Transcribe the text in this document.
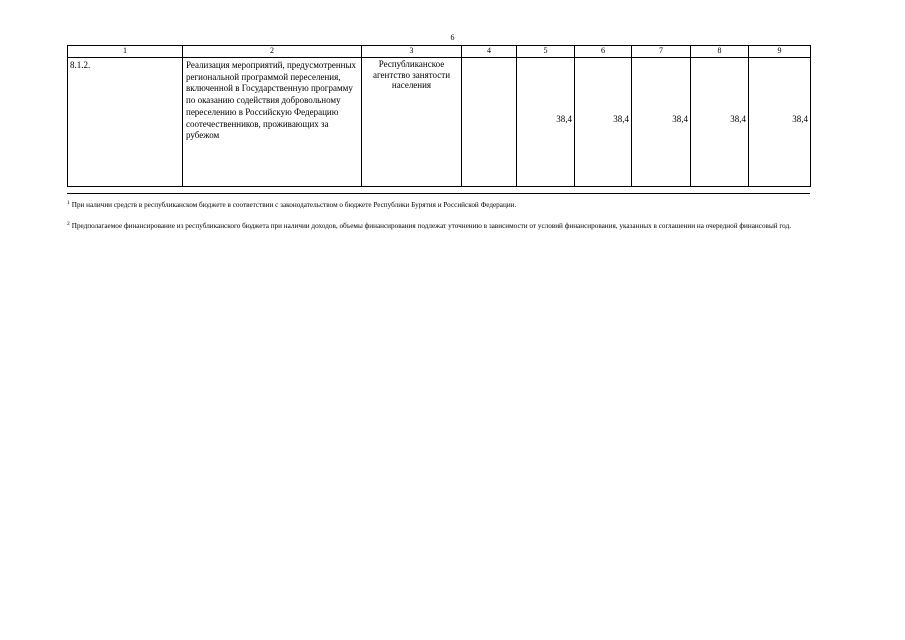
6
1	2	3	4	5	6	7	8	9
8.1.2.	Реализация мероприятий, предусмотренных региональной программой переселения, включенной в Государственную программу по оказанию содействия добровольному переселению в Российскую Федерацию соотечественников, проживающих за рубежом	Республиканское агентство занятости населения		38,4	38,4	38,4	38,4	38,4
$^1$ При наличии средств в республиканском бюджете в соответствии с законодательством о бюджете Республики Бурятия и Российской Федерации.
$^2$ Предполагаемое финансирование из республиканского бюджета при наличии доходов, объемы финансирования подлежат уточнению в зависимости от условий финансирования, указанных в соглашении на очередной финансовый год.
